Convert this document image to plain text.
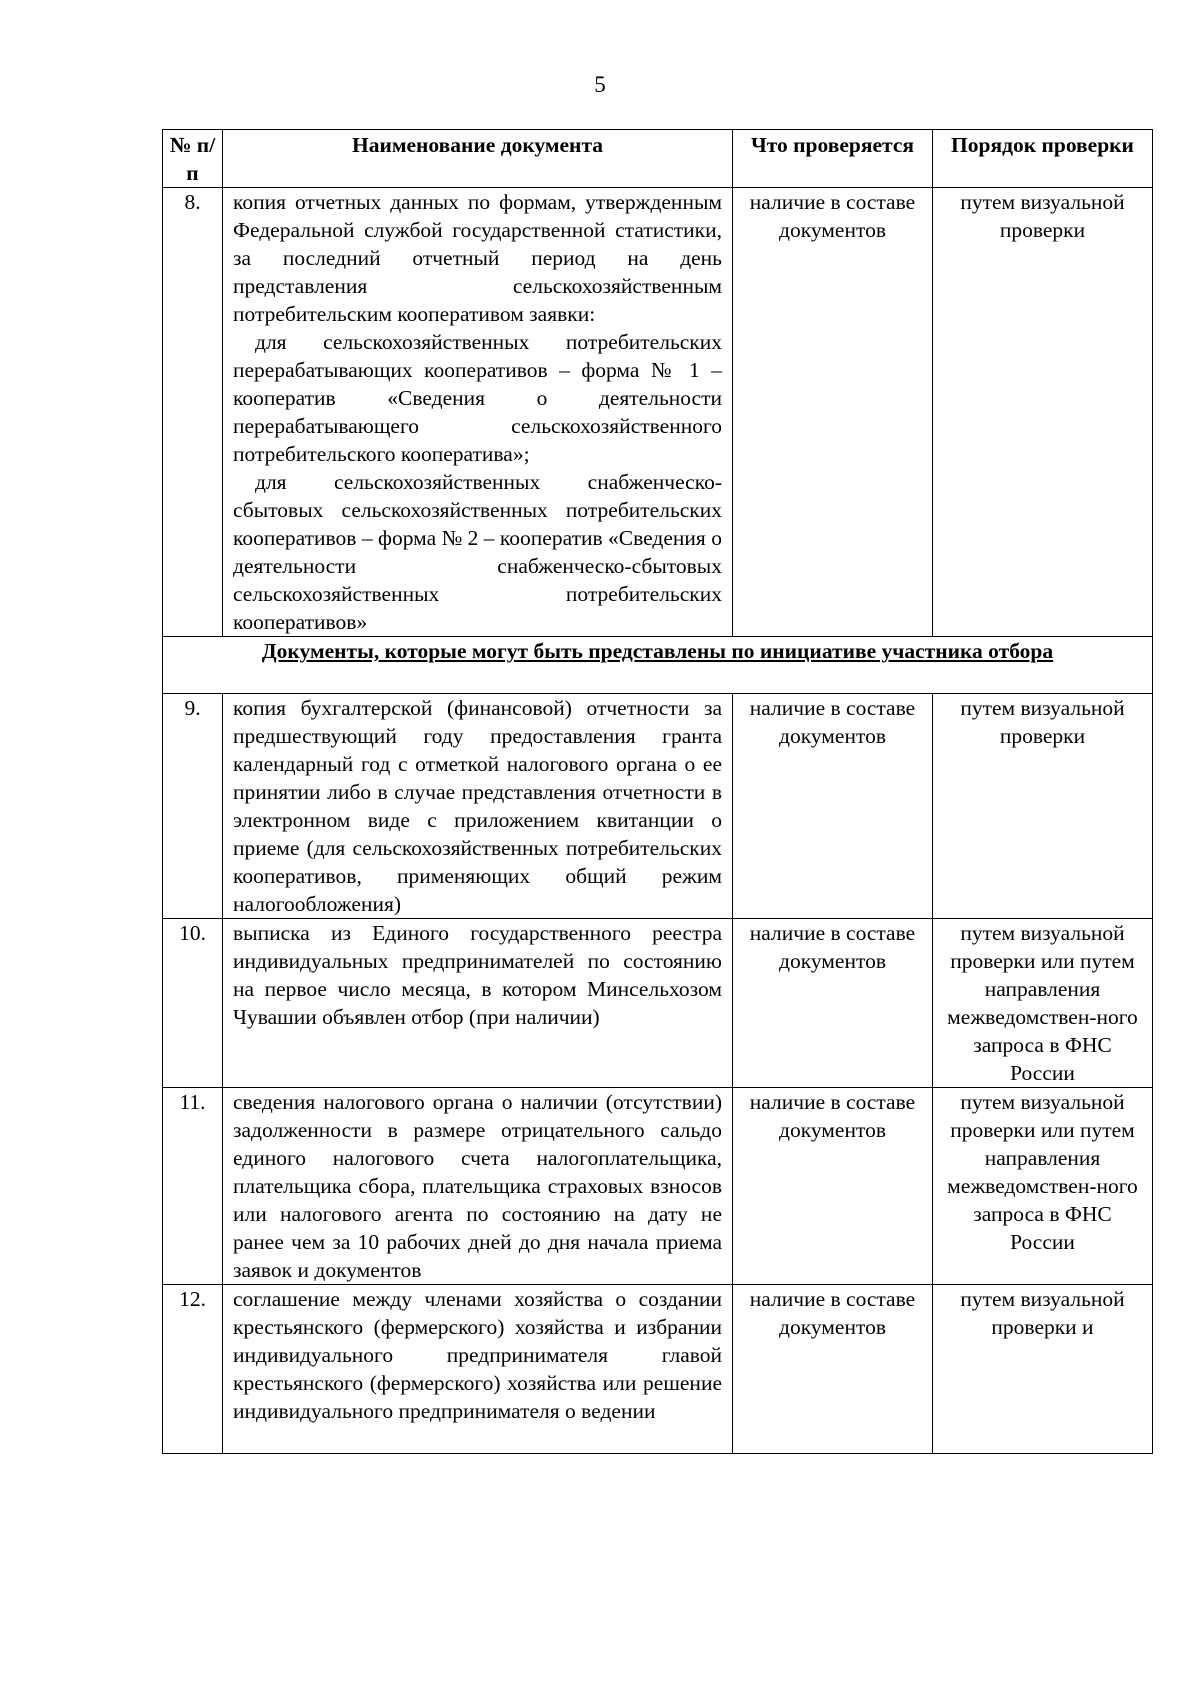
5
№ п/п	Наименование документа	Что проверяется	Порядок проверки
8.	копия отчетных данных по формам, утвержденным Федеральной службой государственной статистики, за последний отчетный период на день представления сельскохозяйственным потребительским кооперативом заявки:
для сельскохозяйственных потребительских перерабатывающих кооперативов – форма № 1 – кооператив «Сведения о деятельности перерабатывающего сельскохозяйственного потребительского кооператива»;
для сельскохозяйственных снабженческо-сбытовых сельскохозяйственных потребительских кооперативов – форма № 2 – кооператив «Сведения о деятельности снабженческо-сбытовых сельскохозяйственных потребительских кооперативов»	наличие в составе документов	путем визуальной проверки
Документы, которые могут быть представлены по инициативе участника отбора			
9.	копия бухгалтерской (финансовой) отчетности за предшествующий году предоставления гранта календарный год с отметкой налогового органа о ее принятии либо в случае представления отчетности в электронном виде с приложением квитанции о приеме (для сельскохозяйственных потребительских кооперативов, применяющих общий режим налогообложения)	наличие в составе документов	путем визуальной проверки
10.	выписка из Единого государственного реестра индивидуальных предпринимателей по состоянию на первое число месяца, в котором Минсельхозом Чувашии объявлен отбор (при наличии)	наличие в составе документов	путем визуальной проверки или путем направления межведомствен-ного запроса в ФНС России
11.	сведения налогового органа о наличии (отсутствии) задолженности в размере отрицательного сальдо единого налогового счета налогоплательщика, плательщика сбора, плательщика страховых взносов или налогового агента по состоянию на дату не ранее чем за 10 рабочих дней до дня начала приема заявок и документов	наличие в составе документов	путем визуальной проверки или путем направления межведомствен-ного запроса в ФНС России
12.	соглашение между членами хозяйства о создании крестьянского (фермерского) хозяйства и избрании индивидуального предпринимателя главой крестьянского (фермерского) хозяйства или решение индивидуального предпринимателя о ведении	наличие в составе документов	путем визуальной проверки и
